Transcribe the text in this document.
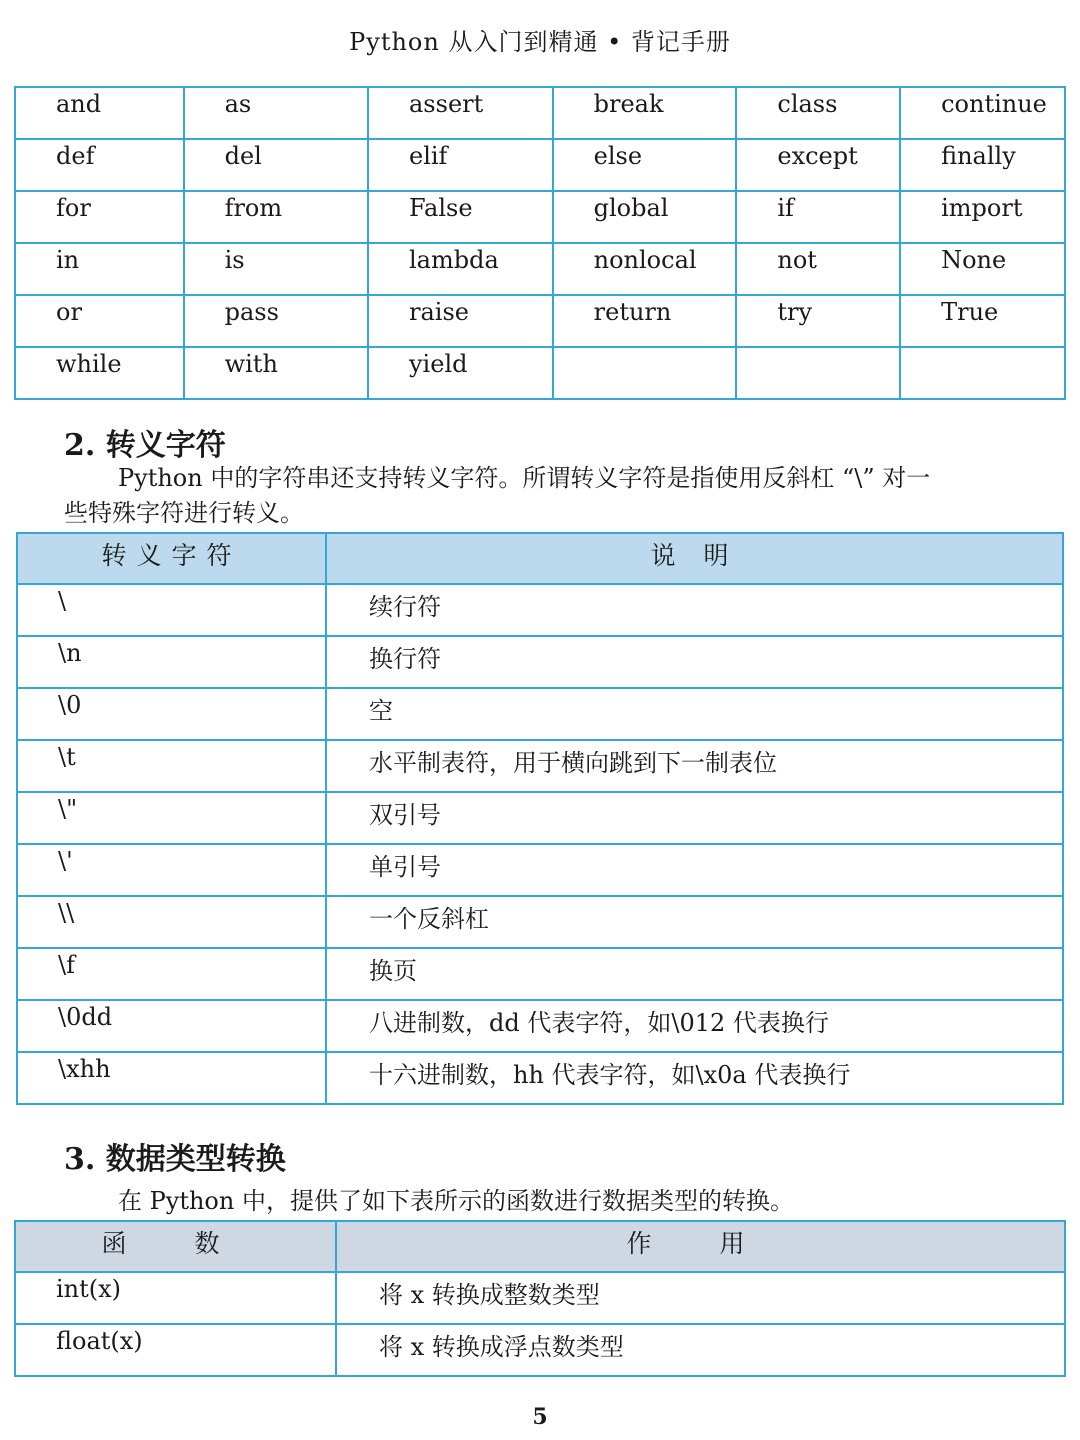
Python 从入门到精通 • 背记手册
and	as	assert	break	class	continue
def	del	elif	else	except	finally
for	from	False	global	if	import
in	is	lambda	nonlocal	not	None
or	pass	raise	return	try	True
while	with	yield			
2. 转义字符
Python 中的字符串还支持转义字符。所谓转义字符是指使用反斜杠 “\” 对一
些特殊字符进行转义。
转义字符	说 明
\	续行符
\n	换行符
\0	空
\t	水平制表符，用于横向跳到下一制表位
\"	双引号
\'	单引号
\\	一个反斜杠
\f	换页
\0dd	八进制数，dd 代表字符，如\012 代表换行
\xhh	十六进制数，hh 代表字符，如\x0a 代表换行
3. 数据类型转换
在 Python 中，提供了如下表所示的函数进行数据类型的转换。
函 数	作 用
int(x)	将 x 转换成整数类型
float(x)	将 x 转换成浮点数类型
5
